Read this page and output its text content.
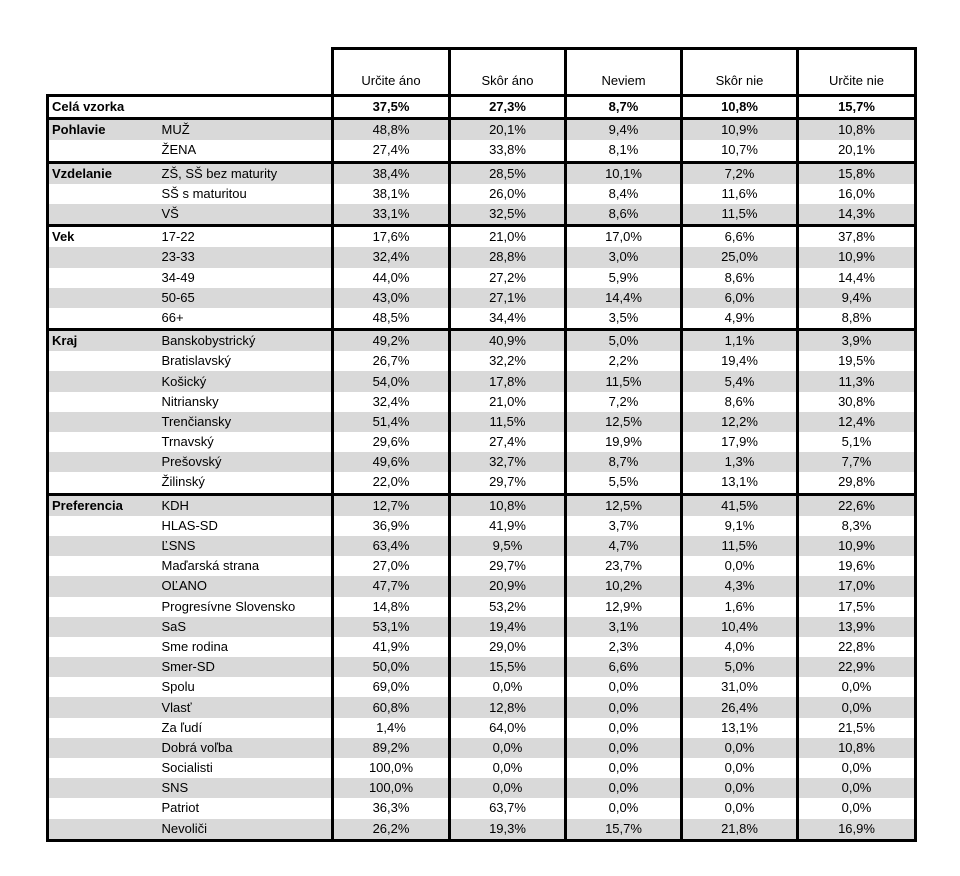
		Určite áno	Skôr áno	Neviem	Skôr nie	Určite nie
Celá vzorka		37,5%	27,3%	8,7%	10,8%	15,7%
Pohlavie	MUŽ	48,8%	20,1%	9,4%	10,9%	10,8%
	ŽENA	27,4%	33,8%	8,1%	10,7%	20,1%
Vzdelanie	ZŠ, SŠ bez maturity	38,4%	28,5%	10,1%	7,2%	15,8%
	SŠ s maturitou	38,1%	26,0%	8,4%	11,6%	16,0%
	VŠ	33,1%	32,5%	8,6%	11,5%	14,3%
Vek	17-22	17,6%	21,0%	17,0%	6,6%	37,8%
	23-33	32,4%	28,8%	3,0%	25,0%	10,9%
	34-49	44,0%	27,2%	5,9%	8,6%	14,4%
	50-65	43,0%	27,1%	14,4%	6,0%	9,4%
	66+	48,5%	34,4%	3,5%	4,9%	8,8%
Kraj	Banskobystrický	49,2%	40,9%	5,0%	1,1%	3,9%
	Bratislavský	26,7%	32,2%	2,2%	19,4%	19,5%
	Košický	54,0%	17,8%	11,5%	5,4%	11,3%
	Nitriansky	32,4%	21,0%	7,2%	8,6%	30,8%
	Trenčiansky	51,4%	11,5%	12,5%	12,2%	12,4%
	Trnavský	29,6%	27,4%	19,9%	17,9%	5,1%
	Prešovský	49,6%	32,7%	8,7%	1,3%	7,7%
	Žilinský	22,0%	29,7%	5,5%	13,1%	29,8%
Preferencia	KDH	12,7%	10,8%	12,5%	41,5%	22,6%
	HLAS-SD	36,9%	41,9%	3,7%	9,1%	8,3%
	ĽSNS	63,4%	9,5%	4,7%	11,5%	10,9%
	Maďarská strana	27,0%	29,7%	23,7%	0,0%	19,6%
	OĽANO	47,7%	20,9%	10,2%	4,3%	17,0%
	Progresívne Slovensko	14,8%	53,2%	12,9%	1,6%	17,5%
	SaS	53,1%	19,4%	3,1%	10,4%	13,9%
	Sme rodina	41,9%	29,0%	2,3%	4,0%	22,8%
	Smer-SD	50,0%	15,5%	6,6%	5,0%	22,9%
	Spolu	69,0%	0,0%	0,0%	31,0%	0,0%
	Vlasť	60,8%	12,8%	0,0%	26,4%	0,0%
	Za ľudí	1,4%	64,0%	0,0%	13,1%	21,5%
	Dobrá voľba	89,2%	0,0%	0,0%	0,0%	10,8%
	Socialisti	100,0%	0,0%	0,0%	0,0%	0,0%
	SNS	100,0%	0,0%	0,0%	0,0%	0,0%
	Patriot	36,3%	63,7%	0,0%	0,0%	0,0%
	Nevoliči	26,2%	19,3%	15,7%	21,8%	16,9%
